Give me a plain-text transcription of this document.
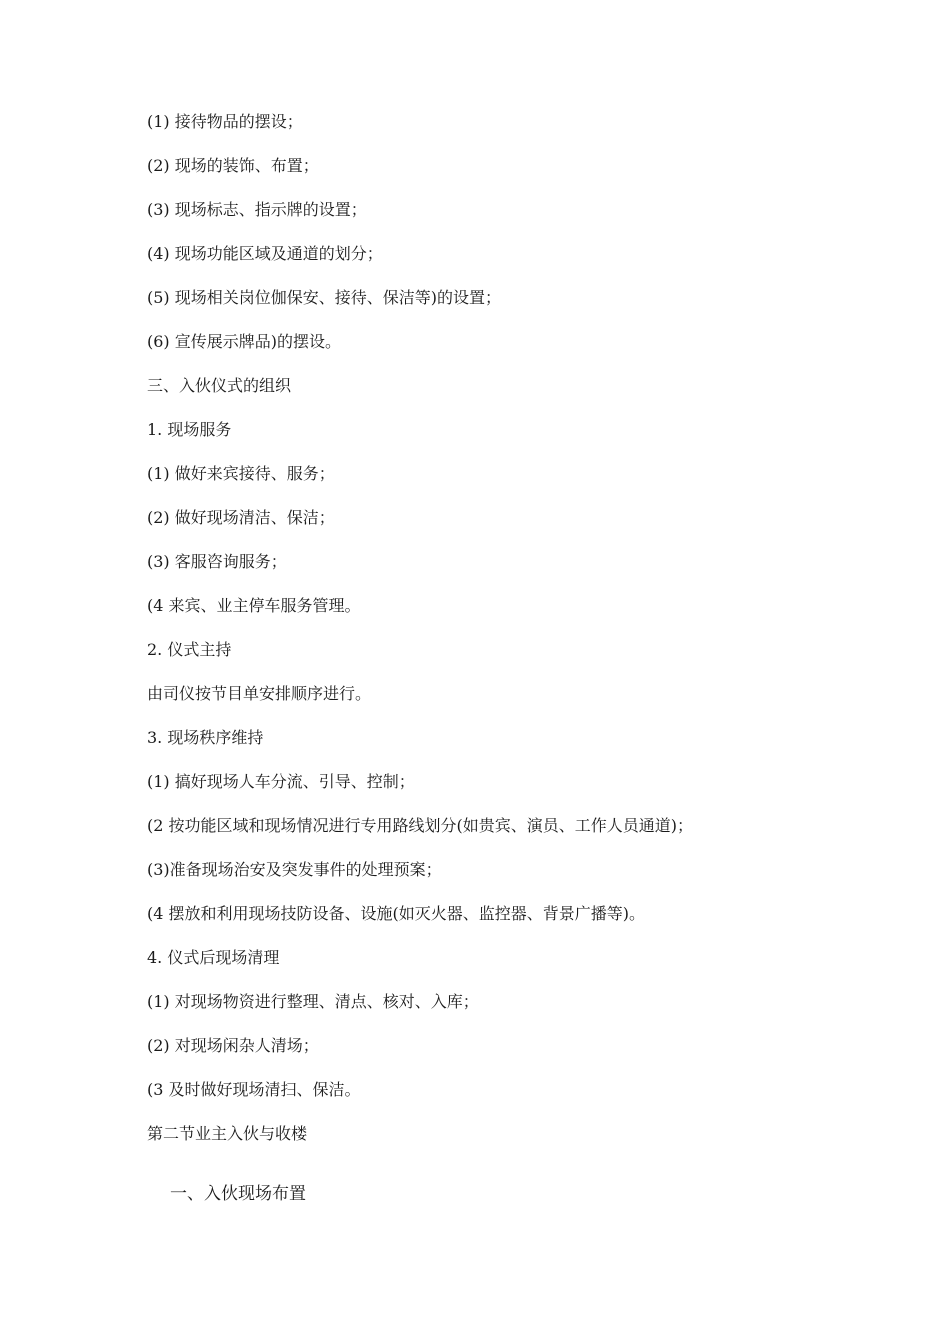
(1) 接待物品的摆设；
(2) 现场的装饰、布置；
(3) 现场标志、指示牌的设置；
(4) 现场功能区域及通道的划分；
(5) 现场相关岗位伽保安、接待、保洁等)的设置；
(6) 宣传展示牌品)的摆设。
三、入伙仪式的组织
1. 现场服务
(1) 做好来宾接待、服务；
(2) 做好现场清洁、保洁；
(3) 客服咨询服务；
(4 来宾、业主停车服务管理。
2. 仪式主持
由司仪按节目单安排顺序进行。
3. 现场秩序维持
(1) 搞好现场人车分流、引导、控制；
(2 按功能区域和现场情况进行专用路线划分(如贵宾、演员、工作人员通道)；
(3)准备现场治安及突发事件的处理预案；
(4 摆放和利用现场技防设备、设施(如灭火器、监控器、背景广播等)。
4. 仪式后现场清理
(1) 对现场物资进行整理、清点、核对、入库；
(2) 对现场闲杂人清场；
(3 及时做好现场清扫、保洁。
第二节业主入伙与收楼
一、入伙现场布置
